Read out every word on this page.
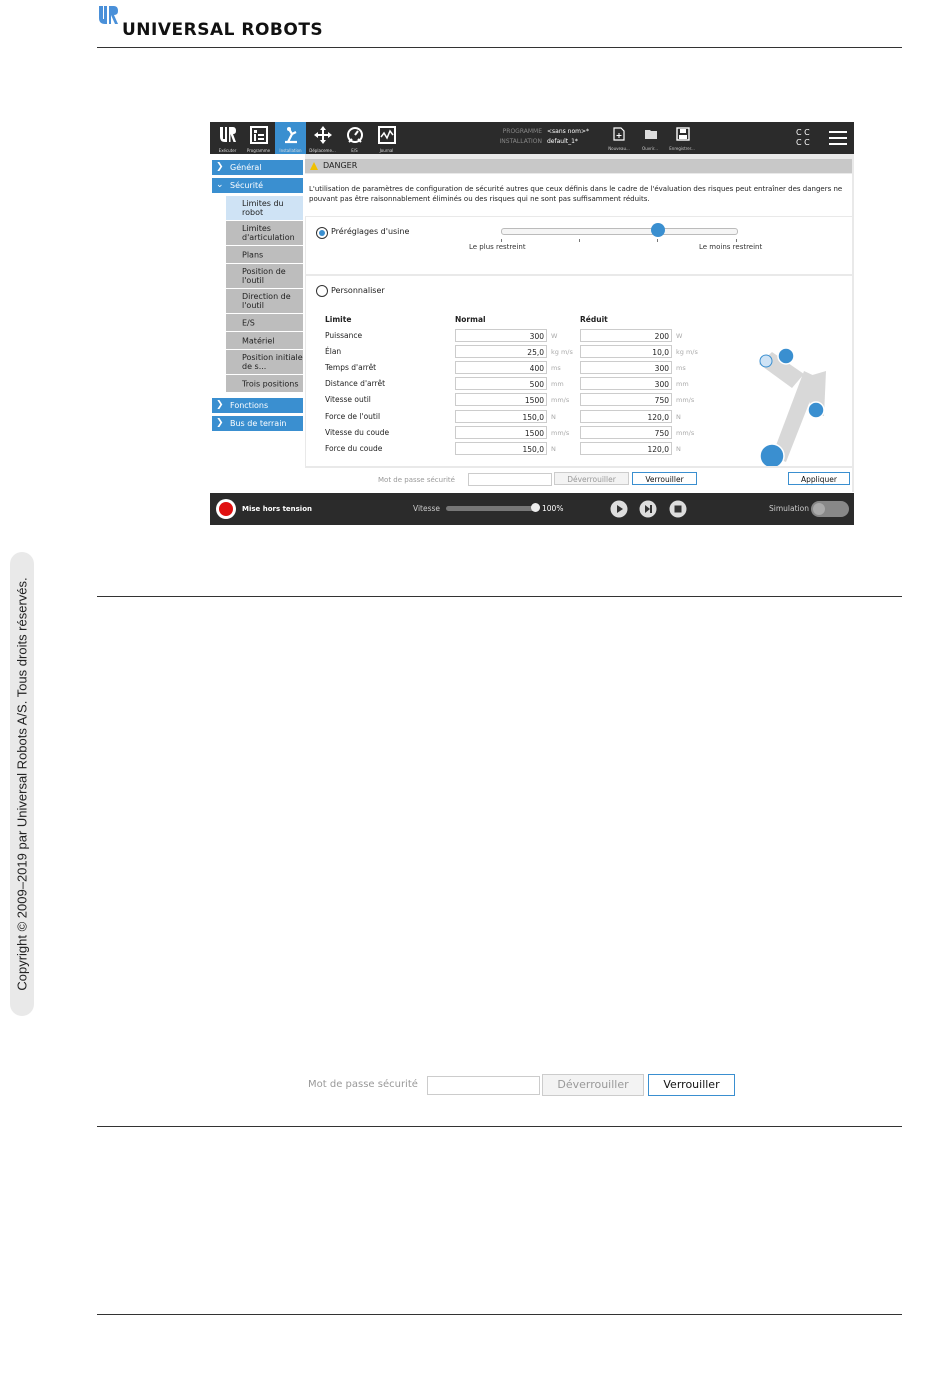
UNIVERSAL ROBOTS
Copyright © 2009–2019 par Universal Robots A/S. Tous droits réservés.
Exécuter	Programme	Installation	Déplaceme...	E/S	Journal
PROGRAMME
INSTALLATION
<sans nom>*
default_1*
Nouveau...	Ouvrir...	Enregistrer...
C C
C C
❯ Général
⌄ Sécurité
Limites du robot
Limites d'articulation
Plans
Position de l'outil
Direction de l'outil
E/S
Matériel
Position initiale de s...
Trois positions
❯ Fonctions
❯ Bus de terrain
DANGER
L'utilisation de paramètres de configuration de sécurité autres que ceux définis dans le cadre de l'évaluation des risques peut entraîner des dangers ne pouvant pas être raisonnablement éliminés ou des risques qui ne sont pas suffisamment réduits.
Préréglages d'usine
Le plus restreint	Le moins restreint
Personnaliser
Limite	Normal	Réduit
Puissance	300	W	200	W
Élan	25,0	kg m/s	10,0	kg m/s
Temps d'arrêt	400	ms	300	ms
Distance d'arrêt	500	mm	300	mm
Vitesse outil	1500	mm/s	750	mm/s
Force de l'outil	150,0	N	120,0	N
Vitesse du coude	1500	mm/s	750	mm/s
Force du coude	150,0	N	120,0	N
Mot de passe sécurité	Déverrouiller	Verrouiller	Appliquer
Mise hors tension	Vitesse	100%	Simulation
Mot de passe sécurité	Déverrouiller	Verrouiller
